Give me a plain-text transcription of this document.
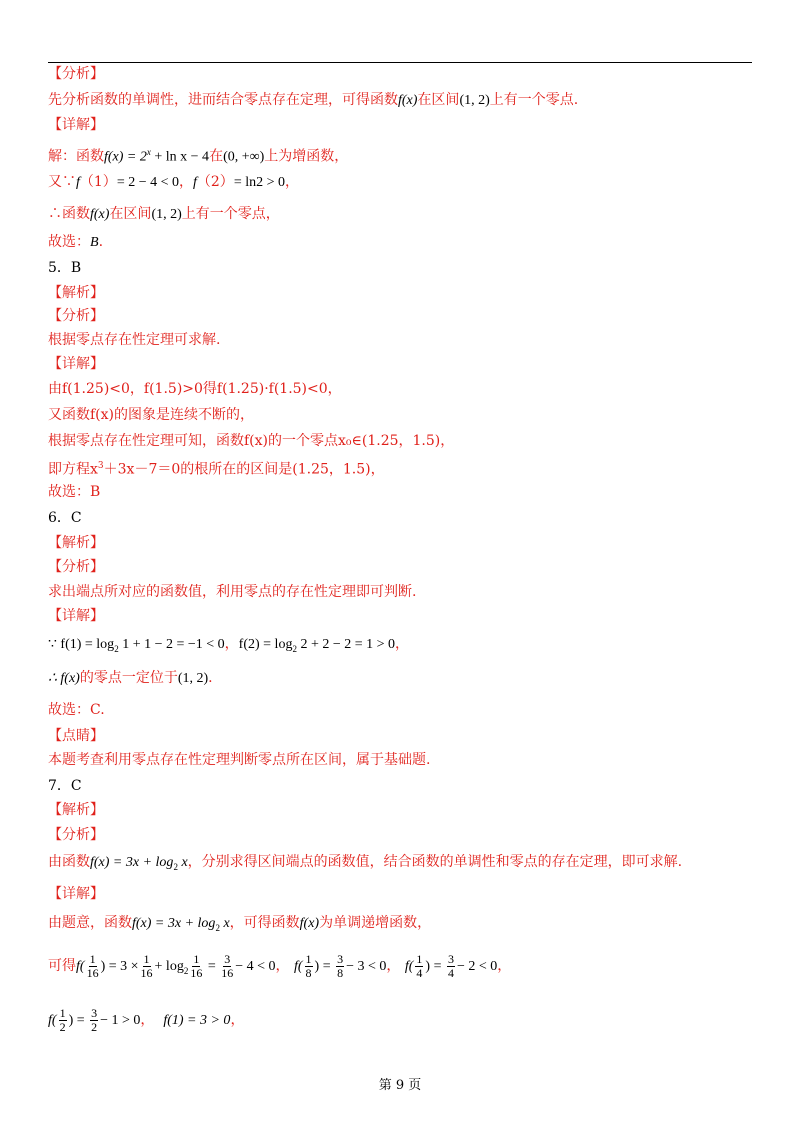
【分析】
先分析函数的单调性，进而结合零点存在定理，可得函数f(x)在区间(1, 2)上有一个零点.
【详解】
解：函数$f(x) = 2^x + \ln x - 4$在(0, +∞)上为增函数，
又∵f（1）= 2 − 4 < 0，f（2）= ln2 > 0，
∴函数f(x)在区间(1, 2)上有一个零点，
故选：B.
5．B
【解析】
【分析】
根据零点存在性定理可求解.
【详解】
由f(1.25)<0，f(1.5)>0得f(1.25)·f(1.5)<0，
又函数f(x)的图象是连续不断的，
根据零点存在性定理可知，函数f(x)的一个零点x₀∈(1.25，1.5)，
即方程$x^3+3x-7=0$的根所在的区间是(1.25，1.5)，
故选：B
6．C
【解析】
【分析】
求出端点所对应的函数值，利用零点的存在性定理即可判断.
【详解】
∵ $f(1) = \log_2 1 + 1 - 2 = -1 < 0$，$f(2) = \log_2 2 + 2 - 2 = 1 > 0$，
∴ f(x)的零点一定位于(1, 2).
故选：C.
【点睛】
本题考查利用零点存在性定理判断零点所在区间，属于基础题.
7．C
【解析】
【分析】
由函数$f(x) = 3x + \log_2 x$，分别求得区间端点的函数值，结合函数的单调性和零点的存在定理，即可求解.
【详解】
由题意，函数$f(x) = 3x + \log_2 x$，可得函数f(x)为单调递增函数，
可得$f( \frac{1}{16}$ ) = $3 \times \frac{1}{16} + \log_2 \frac{1}{16} = \frac{3}{16} - 4 < 0$， $f( \frac{1}{8}$ ) = $\frac{3}{8} - 3 < 0$， $f( \frac{1}{4}$ ) = $\frac{3}{4} - 2 < 0$，
$f( \frac{1}{2}$ ) = $\frac{3}{2} - 1 > 0$， f(1) = 3 > 0，
第 9 页
